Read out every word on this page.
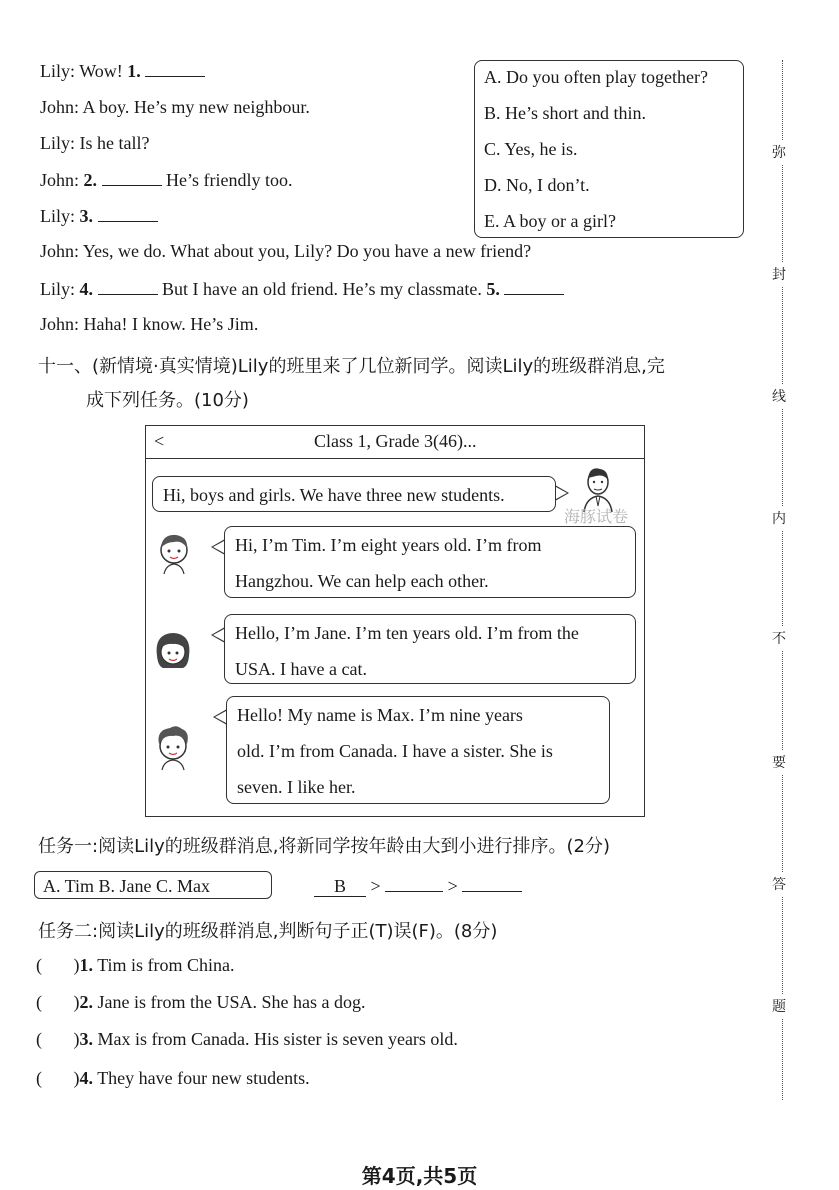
Lily: Wow! 1.
John: A boy. He’s my new neighbour.
Lily: Is he tall?
John: 2.	He’s friendly too.
Lily: 3.
John: Yes, we do. What about you, Lily? Do you have a new friend?
Lily: 4.	But I have an old friend. He’s my classmate. 5.
John: Haha! I know. He’s Jim.
A. Do you often play together?
B. He’s short and thin.
C. Yes, he is.
D. No, I don’t.
E. A boy or a girl?
十一、(新情境·真实情境)Lily的班里来了几位新同学。阅读Lily的班级群消息,完
成下列任务。(10分)
<	Class 1, Grade 3(46)...
Hi, boys and girls. We have three new students.
海豚试卷
Hi, I’m Tim. I’m eight years old. I’m from
Hangzhou. We can help each other.
Hello, I’m Jane. I’m ten years old. I’m from the
USA. I have a cat.
Hello! My name is Max. I’m nine years
old. I’m from Canada. I have a sister. She is
seven. I like her.
任务一:阅读Lily的班级群消息,将新同学按年龄由大到小进行排序。(2分)
A. Tim B. Jane C. Max	B >	>
任务二:阅读Lily的班级群消息,判断句子正(T)误(F)。(8分)
(       )1. Tim is from China.
(       )2. Jane is from the USA. She has a dog.
(       )3. Max is from Canada. His sister is seven years old.
(       )4. They have four new students.
第4页,共5页
弥
封
线
内
不
要
答
题
